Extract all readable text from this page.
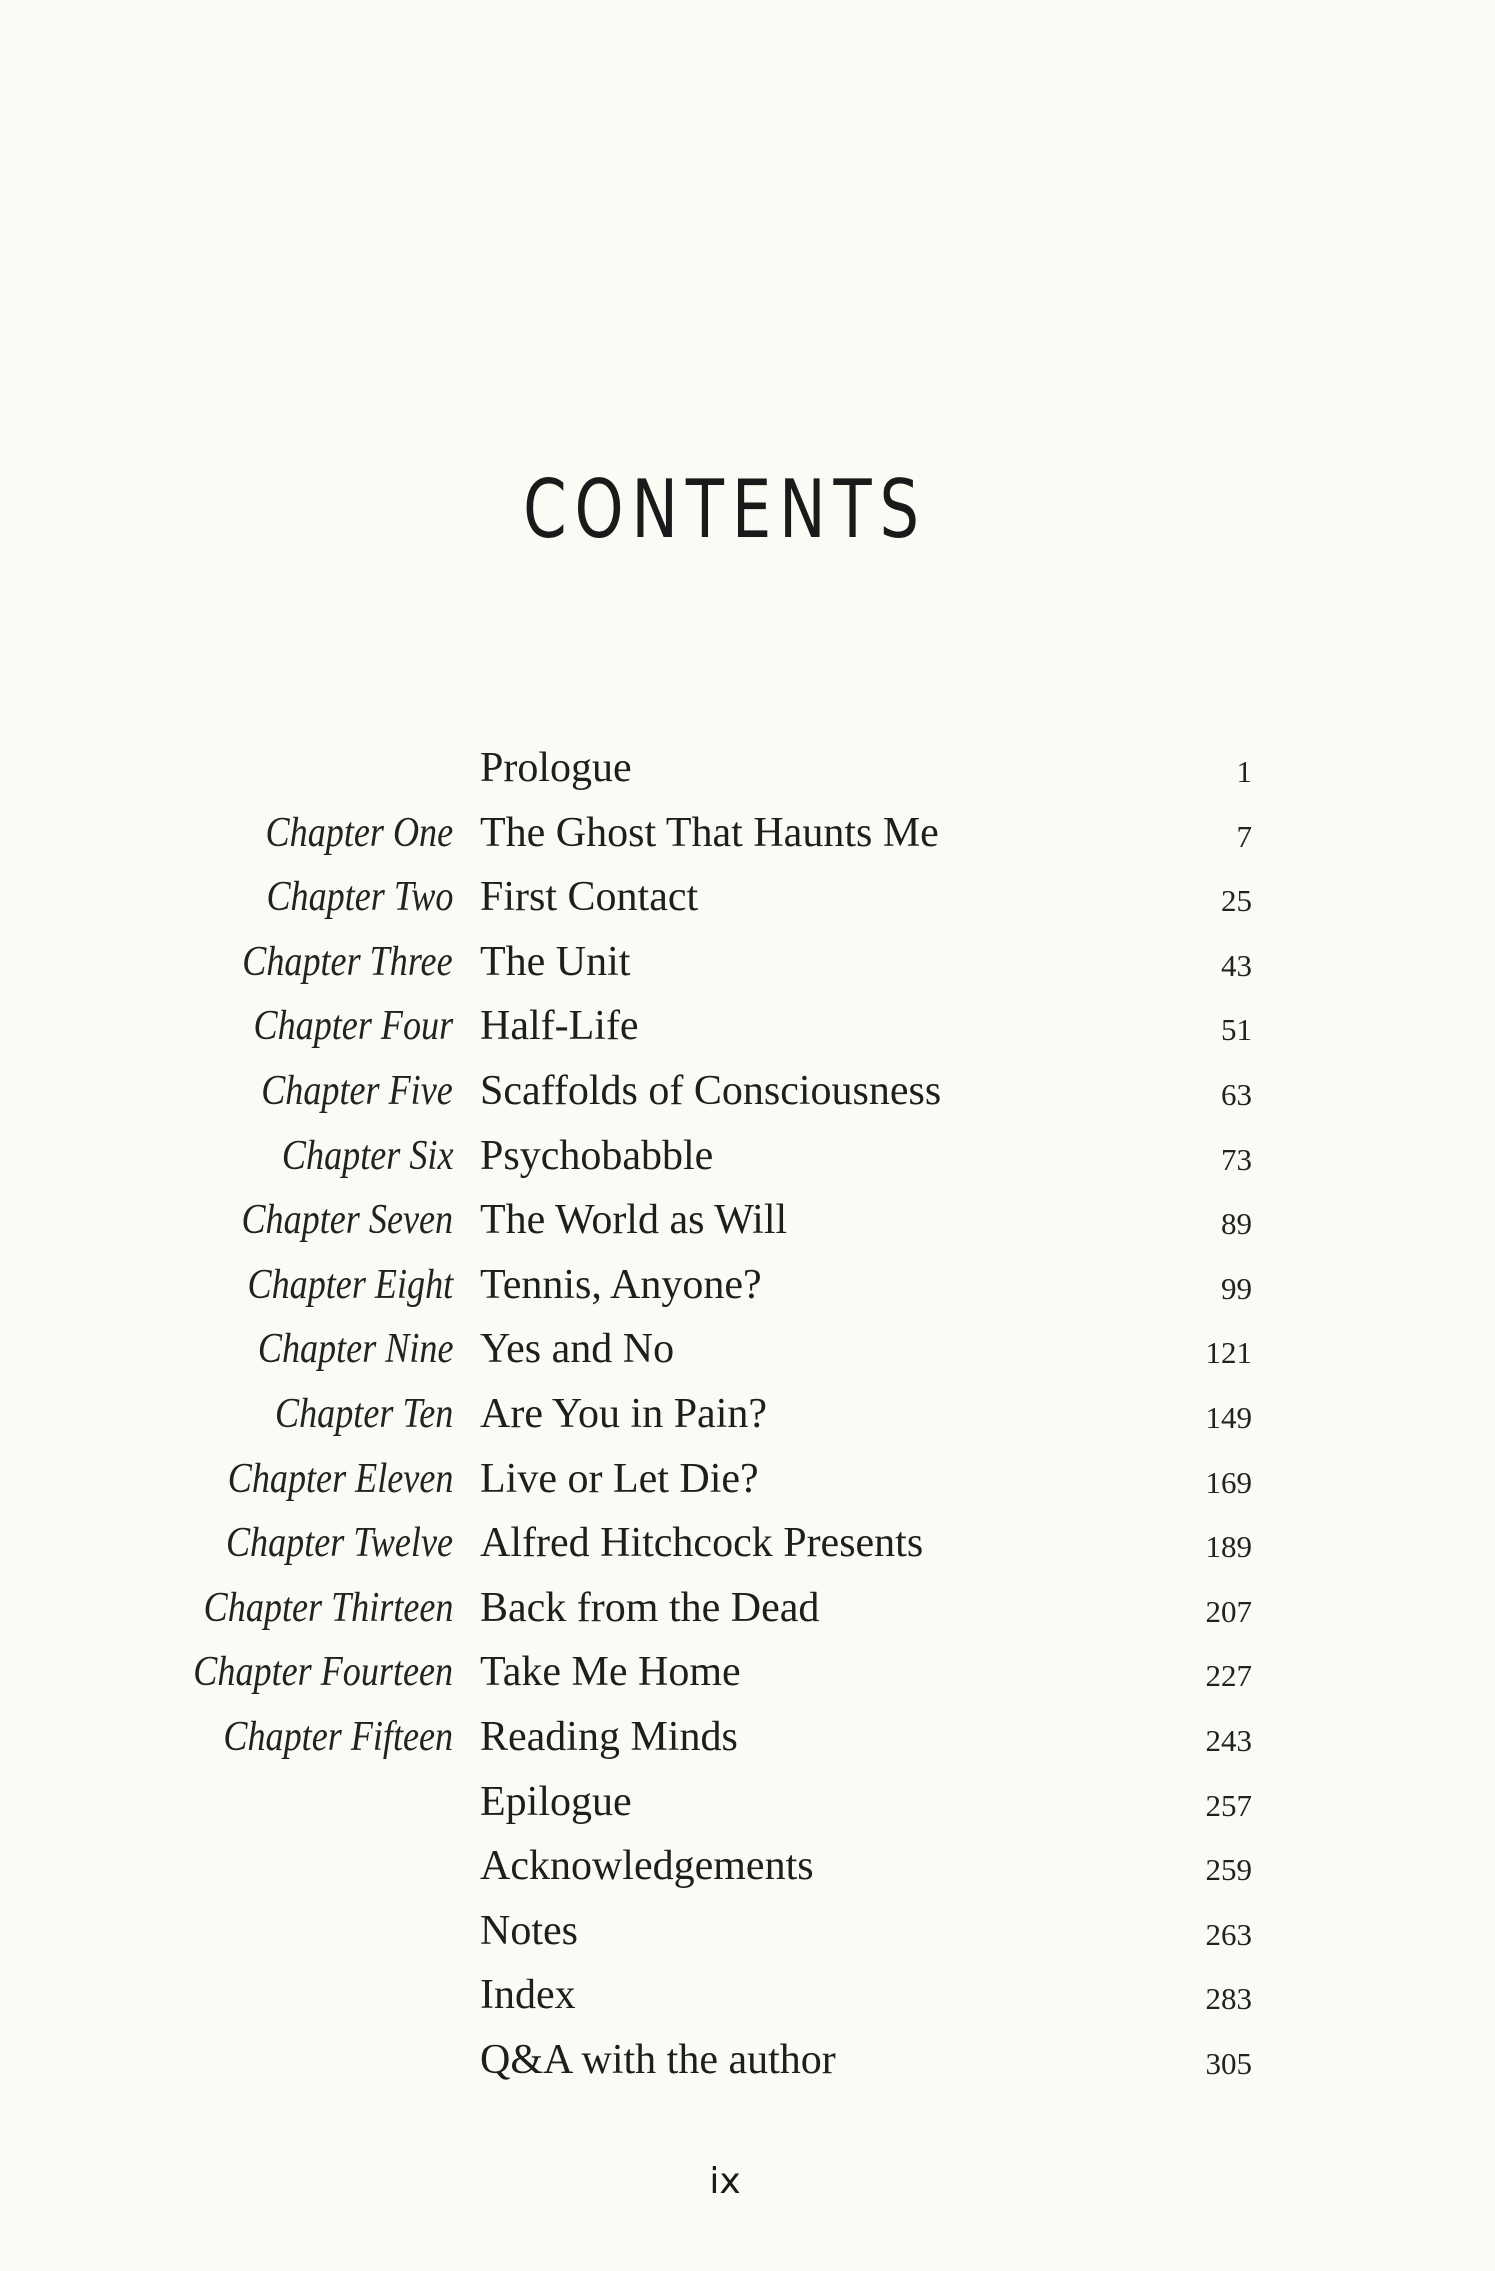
CONTENTS
Prologue	1
Chapter One The Ghost That Haunts Me	7
Chapter Two First Contact	25
Chapter Three The Unit	43
Chapter Four Half-Life	51
Chapter Five Scaffolds of Consciousness	63
Chapter Six Psychobabble	73
Chapter Seven The World as Will	89
Chapter Eight Tennis, Anyone?	99
Chapter Nine Yes and No	121
Chapter Ten Are You in Pain?	149
Chapter Eleven Live or Let Die?	169
Chapter Twelve Alfred Hitchcock Presents	189
Chapter Thirteen Back from the Dead	207
Chapter Fourteen Take Me Home	227
Chapter Fifteen Reading Minds	243
Epilogue	257
Acknowledgements	259
Notes	263
Index	283
Q&A with the author	305
ix
